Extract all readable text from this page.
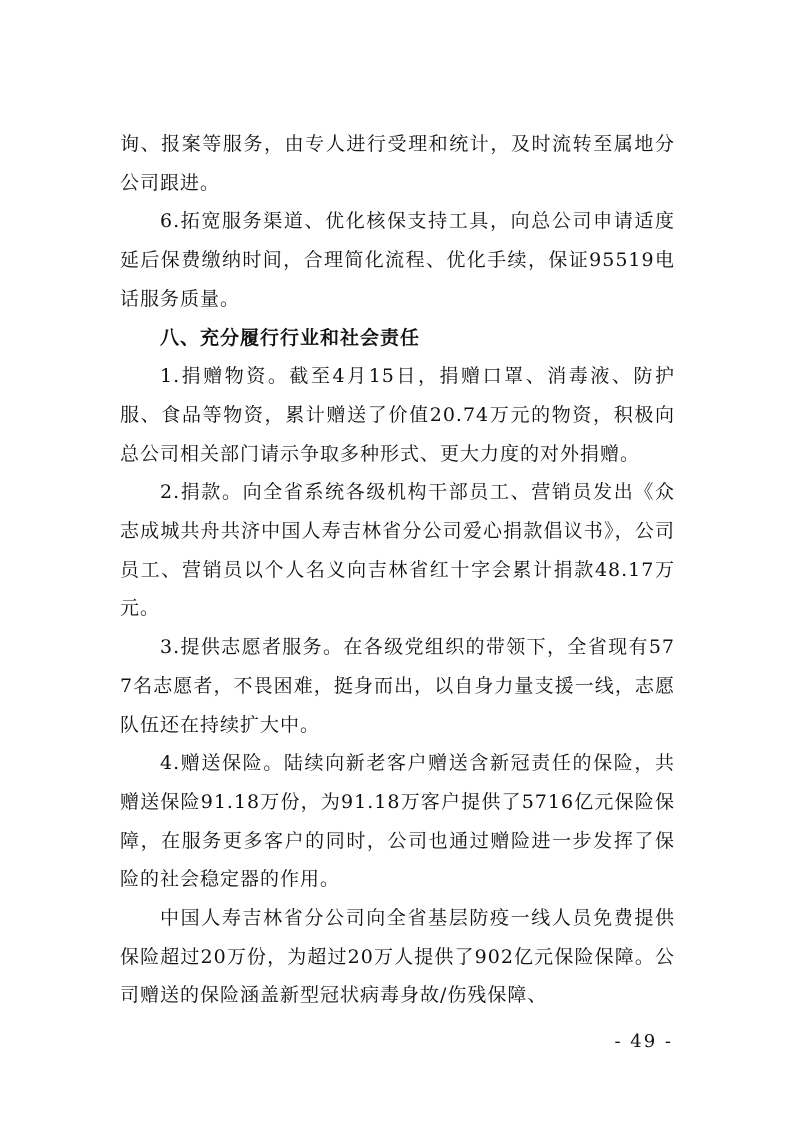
询、报案等服务，由专人进行受理和统计，及时流转至属地分公司跟进。

6.拓宽服务渠道、优化核保支持工具，向总公司申请适度延后保费缴纳时间，合理简化流程、优化手续，保证95519电话服务质量。

八、充分履行行业和社会责任

1.捐赠物资。截至4月15日，捐赠口罩、消毒液、防护服、食品等物资，累计赠送了价值20.74万元的物资，积极向总公司相关部门请示争取多种形式、更大力度的对外捐赠。

2.捐款。向全省系统各级机构干部员工、营销员发出《众志成城共舟共济中国人寿吉林省分公司爱心捐款倡议书》，公司员工、营销员以个人名义向吉林省红十字会累计捐款48.17万元。

3.提供志愿者服务。在各级党组织的带领下，全省现有577名志愿者，不畏困难，挺身而出，以自身力量支援一线，志愿队伍还在持续扩大中。

4.赠送保险。陆续向新老客户赠送含新冠责任的保险，共赠送保险91.18万份，为91.18万客户提供了5716亿元保险保障，在服务更多客户的同时，公司也通过赠险进一步发挥了保险的社会稳定器的作用。

中国人寿吉林省分公司向全省基层防疫一线人员免费提供保险超过20万份，为超过20万人提供了902亿元保险保障。公司赠送的保险涵盖新型冠状病毒身故/伤残保障、

- 49 -
